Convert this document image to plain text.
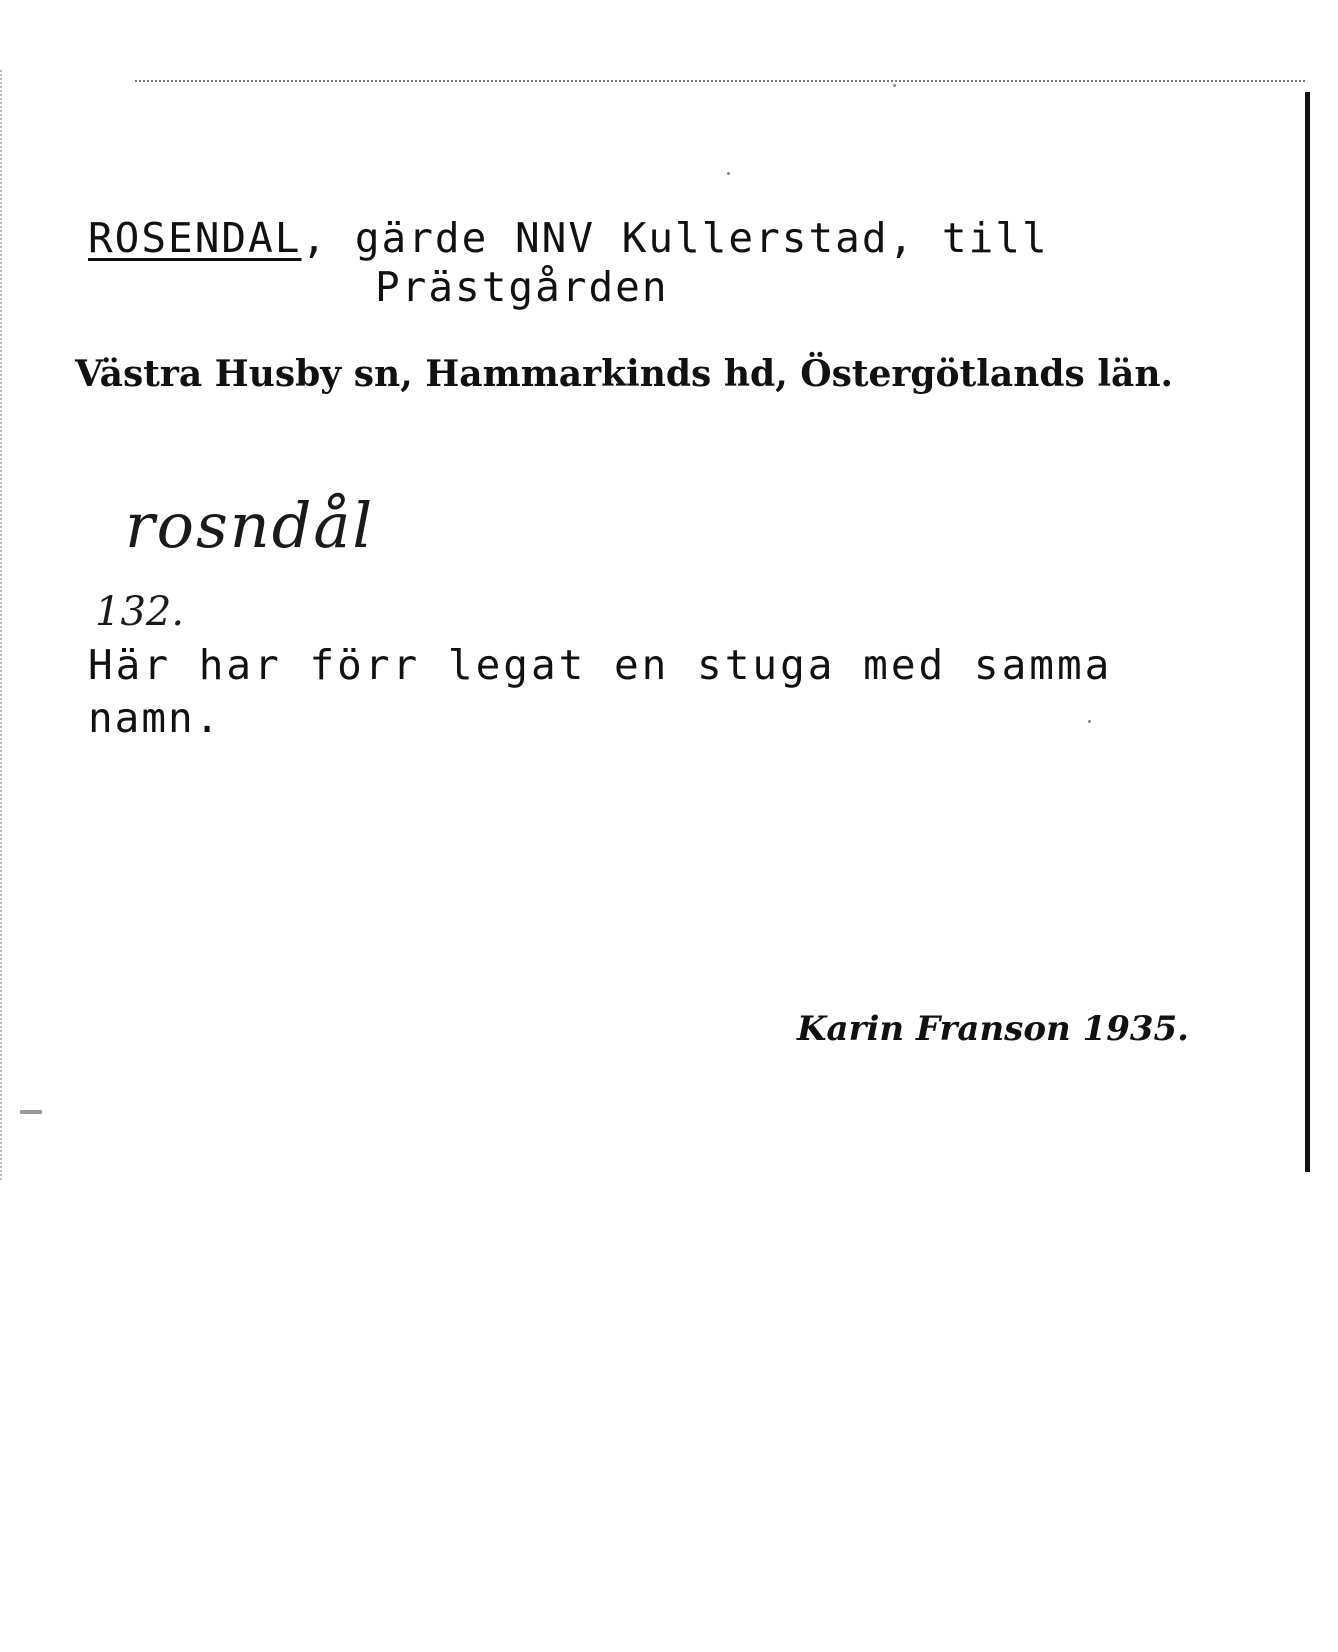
ROSENDAL, gärde NNV Kullerstad, till
Prästgården
Västra Husby sn, Hammarkinds hd, Östergötlands län.
rosndål
132.
Här har förr legat en stuga med samma
namn.
Karin Franson 1935.
